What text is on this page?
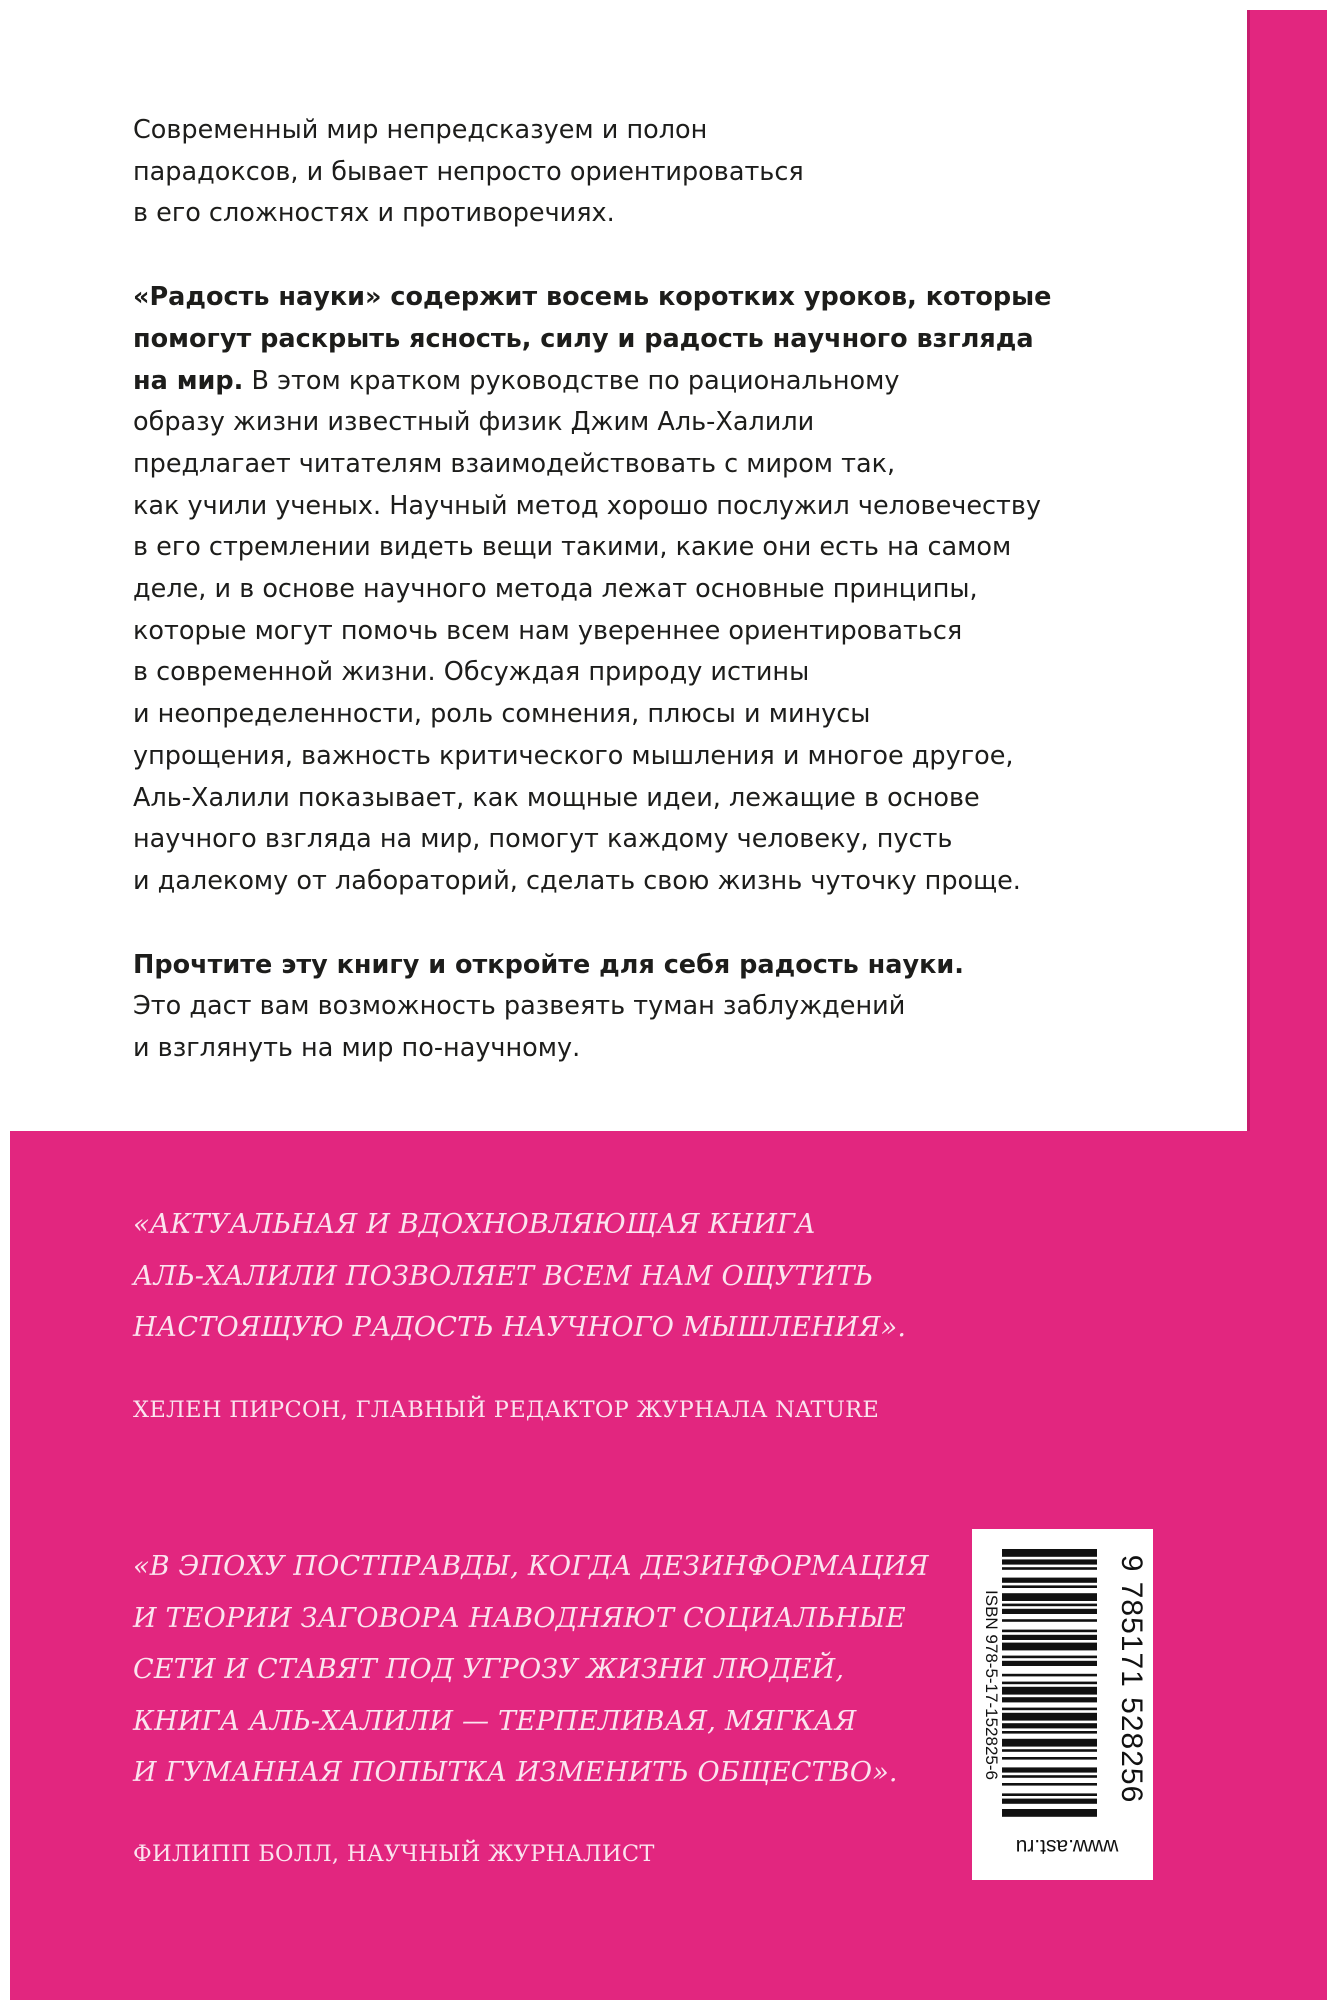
Современный мир непредсказуем и полон
парадоксов, и бывает непросто ориентироваться
в его сложностях и противоречиях.

«Радость науки» содержит восемь коротких уроков, которые
помогут раскрыть ясность, силу и радость научного взгляда
на мир. В этом кратком руководстве по рациональному
образу жизни известный физик Джим Аль-Халили
предлагает читателям взаимодействовать с миром так,
как учили ученых. Научный метод хорошо послужил человечеству
в его стремлении видеть вещи такими, какие они есть на самом
деле, и в основе научного метода лежат основные принципы,
которые могут помочь всем нам увереннее ориентироваться
в современной жизни. Обсуждая природу истины
и неопределенности, роль сомнения, плюсы и минусы
упрощения, важность критического мышления и многое другое,
Аль-Халили показывает, как мощные идеи, лежащие в основе
научного взгляда на мир, помогут каждому человеку, пусть
и далекому от лабораторий, сделать свою жизнь чуточку проще.

Прочтите эту книгу и откройте для себя радость науки.
Это даст вам возможность развеять туман заблуждений
и взглянуть на мир по-научному.

«АКТУАЛЬНАЯ И ВДОХНОВЛЯЮЩАЯ КНИГА
АЛЬ-ХАЛИЛИ ПОЗВОЛЯЕТ ВСЕМ НАМ ОЩУТИТЬ
НАСТОЯЩУЮ РАДОСТЬ НАУЧНОГО МЫШЛЕНИЯ».
ХЕЛЕН ПИРСОН, ГЛАВНЫЙ РЕДАКТОР ЖУРНАЛА NATURE
«В ЭПОХУ ПОСТПРАВДЫ, КОГДА ДЕЗИНФОРМАЦИЯ
И ТЕОРИИ ЗАГОВОРА НАВОДНЯЮТ СОЦИАЛЬНЫЕ
СЕТИ И СТАВЯТ ПОД УГРОЗУ ЖИЗНИ ЛЮДЕЙ,
КНИГА АЛЬ-ХАЛИЛИ — ТЕРПЕЛИВАЯ, МЯГКАЯ
И ГУМАННАЯ ПОПЫТКА ИЗМЕНИТЬ ОБЩЕСТВО».
ФИЛИПП БОЛЛ, НАУЧНЫЙ ЖУРНАЛИСТ
ISBN 978-5-17-152825-6	9 785171 528256
www.ast.ru
